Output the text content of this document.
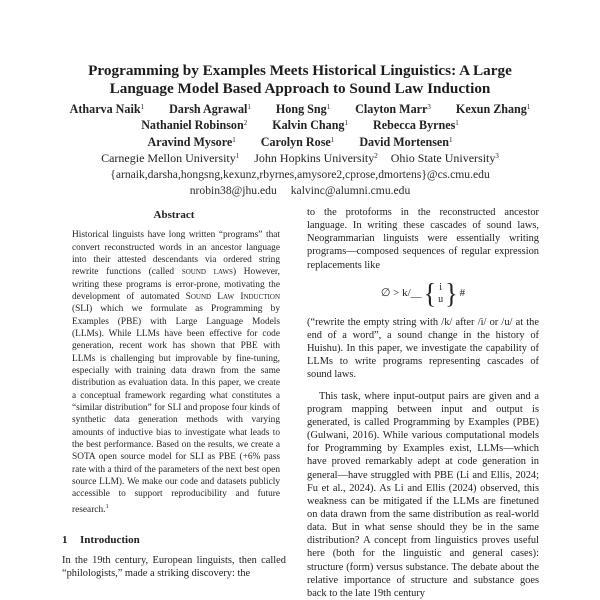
Programming by Examples Meets Historical Linguistics: A Large
Language Model Based Approach to Sound Law Induction
Atharva Naik$^1$ Darsh Agrawal$^1$ Hong Sng$^1$ Clayton Marr$^3$ Kexun Zhang$^1$
Nathaniel Robinson$^2$ Kalvin Chang$^1$ Rebecca Byrnes$^1$
Aravind Mysore$^1$ Carolyn Rose$^1$ David Mortensen$^1$
Carnegie Mellon University$^1$ John Hopkins University$^2$ Ohio State University$^3$
{arnaik,darsha,hongsng,kexunz,rbyrnes,amysore2,cprose,dmortens}@cs.cmu.edu
nrobin38@jhu.edu kalvinc@alumni.cmu.edu
Abstract
Historical linguists have long written “programs” that convert reconstructed words in an ancestor language into their attested descendants via ordered string rewrite functions (called sound laws) However, writing these programs is error-prone, motivating the development of automated Sound Law Induction (SLI) which we formulate as Programming by Examples (PBE) with Large Language Models (LLMs). While LLMs have been effective for code generation, recent work has shown that PBE with LLMs is challenging but improvable by fine-tuning, especially with training data drawn from the same distribution as evaluation data. In this paper, we create a conceptual framework regarding what constitutes a “similar distribution” for SLI and propose four kinds of synthetic data generation methods with varying amounts of inductive bias to investigate what leads to the best performance. Based on the results, we create a SOTA open source model for SLI as PBE (+6% pass rate with a third of the parameters of the next best open source LLM). We make our code and datasets publicly accessible to support reproducibility and future research.$^1$
1 Introduction

In the 19th century, European linguists, then called “philologists,” made a striking discovery: the

to the protoforms in the reconstructed ancestor language. In writing these cascades of sound laws, Neogrammarian linguists were essentially writing programs—composed sequences of regular expression replacements like

∅ > k/__ { i
u } #

(“rewrite the empty string with /k/ after /i/ or /u/ at the end of a word”, a sound change in the history of Huishu). In this paper, we investigate the capability of LLMs to write programs representing cascades of sound laws.

This task, where input-output pairs are given and a program mapping between input and output is generated, is called Programming by Examples (PBE) (Gulwani, 2016). While various computational models for Programming by Examples exist, LLMs—which have proved remarkably adept at code generation in general—have struggled with PBE (Li and Ellis, 2024; Fu et al., 2024). As Li and Ellis (2024) observed, this weakness can be mitigated if the LLMs are finetuned on data drawn from the same distribution as real-world data. But in what sense should they be in the same distribution? A concept from linguistics proves useful here (both for the linguistic and general cases): structure (form) versus substance. The debate about the relative importance of structure and substance goes back to the late 19th century
